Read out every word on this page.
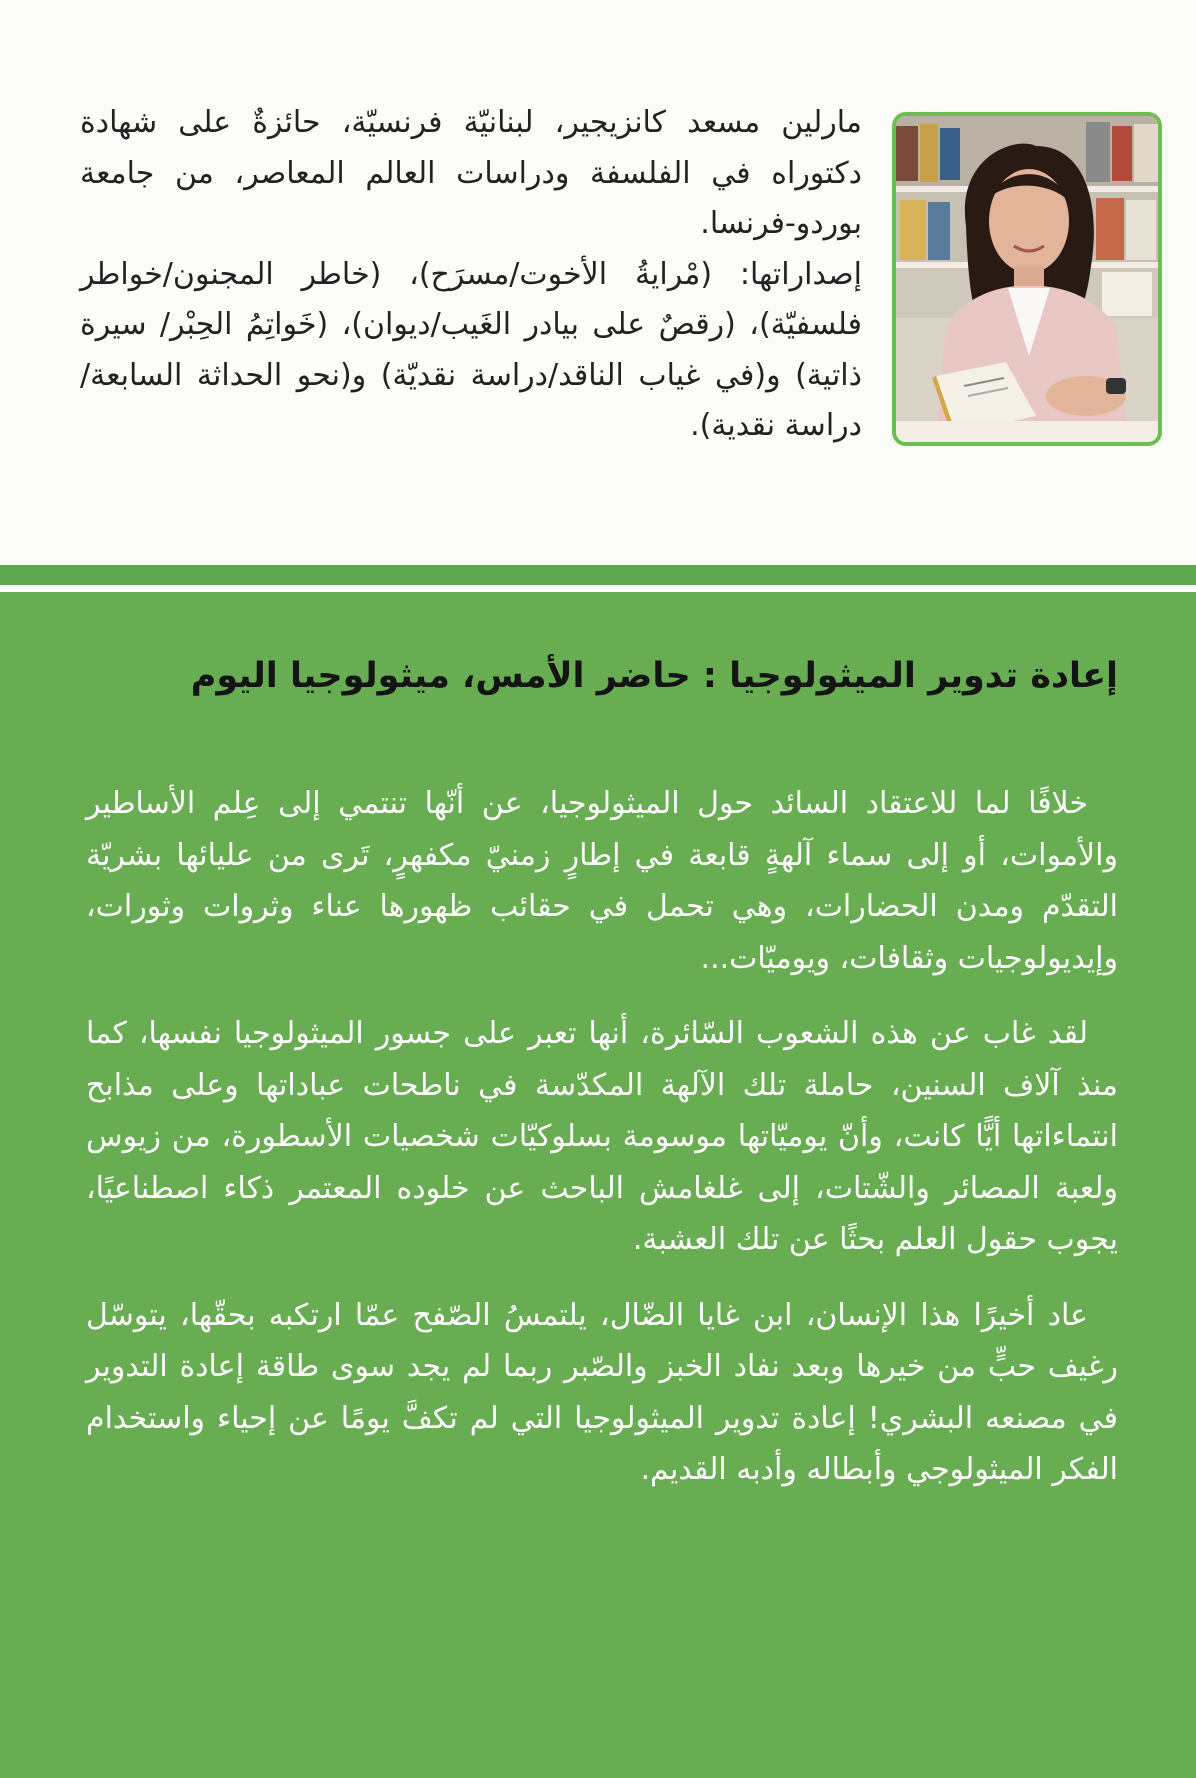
مارلين مسعد كانزيجير، لبنانيّة فرنسيّة، حائزةٌ على شهادة دكتوراه في الفلسفة ودراسات العالم المعاصر، من جامعة بوردو-فرنسا.

إصداراتها: (مْرايةُ الأخوت/مسرَح)، (خاطر المجنون/خواطر فلسفيّة)، (رقصٌ على بيادر الغَيب/ديوان)، (خَواتِمُ الحِبْر/ سيرة ذاتية) و(في غياب الناقد/دراسة نقديّة) و(نحو الحداثة السابعة/ دراسة نقدية).

إعادة تدوير الميثولوجيا : حاضر الأمس، ميثولوجيا اليوم

خلافًا لما للاعتقاد السائد حول الميثولوجيا، عن أنّها تنتمي إلى عِلم الأساطير والأموات، أو إلى سماء آلهةٍ قابعة في إطارٍ زمنيّ مكفهرٍ، تَرى من عليائها بشريّة التقدّم ومدن الحضارات، وهي تحمل في حقائب ظهورها عناء وثروات وثورات، وإيديولوجيات وثقافات، ويوميّات...

لقد غاب عن هذه الشعوب السّائرة، أنها تعبر على جسور الميثولوجيا نفسها، كما منذ آلاف السنين، حاملة تلك الآلهة المكدّسة في ناطحات عباداتها وعلى مذابح انتماءاتها أيًّا كانت، وأنّ يوميّاتها موسومة بسلوكيّات شخصيات الأسطورة، من زيوس ولعبة المصائر والشّتات، إلى غلغامش الباحث عن خلوده المعتمر ذكاء اصطناعيًا، يجوب حقول العلم بحثًا عن تلك العشبة.

عاد أخيرًا هذا الإنسان، ابن غايا الضّال، يلتمسُ الصّفح عمّا ارتكبه بحقّها، يتوسّل رغيف حبٍّ من خيرها وبعد نفاد الخبز والصّبر ربما لم يجد سوى طاقة إعادة التدوير في مصنعه البشري! إعادة تدوير الميثولوجيا التي لم تكفَّ يومًا عن إحياء واستخدام الفكر الميثولوجي وأبطاله وأدبه القديم.
